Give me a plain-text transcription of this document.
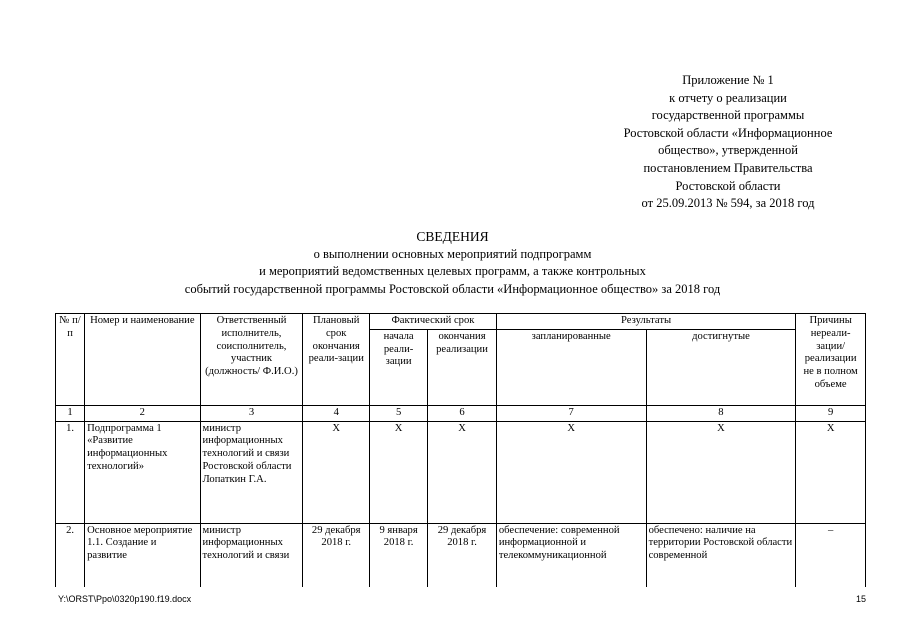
Приложение № 1
к отчету о реализации
государственной программы
Ростовской области «Информационное
общество», утвержденной
постановлением Правительства
Ростовской области
от 25.09.2013 № 594, за 2018 год
СВЕДЕНИЯ
о выполнении основных мероприятий подпрограмм
и мероприятий ведомственных целевых программ, а также контрольных
событий государственной программы Ростовской области «Информационное общество» за 2018 год
№ п/п	Номер и наименование	Ответственный исполнитель, соисполнитель, участник (должность/ Ф.И.О.)	Плановый срок окончания реали-зации	Фактический срок		Результаты		Причины нереали-зации/ реализации не в полном объеме
				начала реали-зации	окончания реализации	запланированные	достигнутые	
1	2	3	4	5	6	7	8	9
1.	Подпрограмма 1 «Развитие информационных технологий»	министр информационных технологий и связи Ростовской области Лопаткин Г.А.	Х	Х	Х	Х	Х	Х
2.	Основное мероприятие 1.1. Создание и развитие	министр информационных технологий и связи	29 декабря 2018 г.	9 января 2018 г.	29 декабря 2018 г.	обеспечение: современной информационной и телекоммуникационной	обеспечено: наличие на территории Ростовской области современной	–
Y:\ORST\Ppo\0320p190.f19.docx	15
